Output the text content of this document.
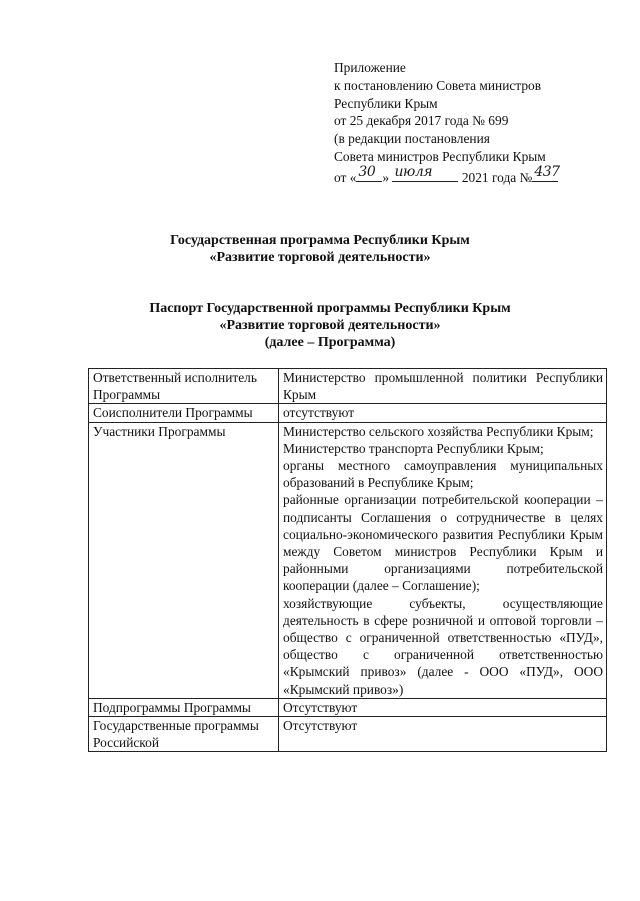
Приложение
к постановлению Совета министров
Республики Крым
от 25 декабря 2017 года № 699
(в редакции постановления
Совета министров Республики Крым
от « 30 » июля 2021 года № 437
Государственная программа Республики Крым
«Развитие торговой деятельности»
Паспорт Государственной программы Республики Крым
«Развитие торговой деятельности»
(далее – Программа)
Ответственный исполнитель Программы	Министерство промышленной политики Республики Крым

Соисполнители Программы	отсутствуют

Участники Программы	Министерство сельского хозяйства Республики Крым;
Министерство транспорта Республики Крым;
органы местного самоуправления муниципальных образований в Республике Крым;
районные организации потребительской кооперации – подписанты Соглашения о сотрудничестве в целях социально-экономического развития Республики Крым между Советом министров Республики Крым и районными организациями потребительской кооперации (далее – Соглашение);
хозяйствующие субъекты, осуществляющие деятельность в сфере розничной и оптовой торговли – общество с ограниченной ответственностью «ПУД», общество с ограниченной ответственностью «Крымский привоз» (далее - ООО «ПУД», ООО «Крымский привоз»)

Подпрограммы Программы	Отсутствуют

Государственные программы Российской	Отсутствуют
